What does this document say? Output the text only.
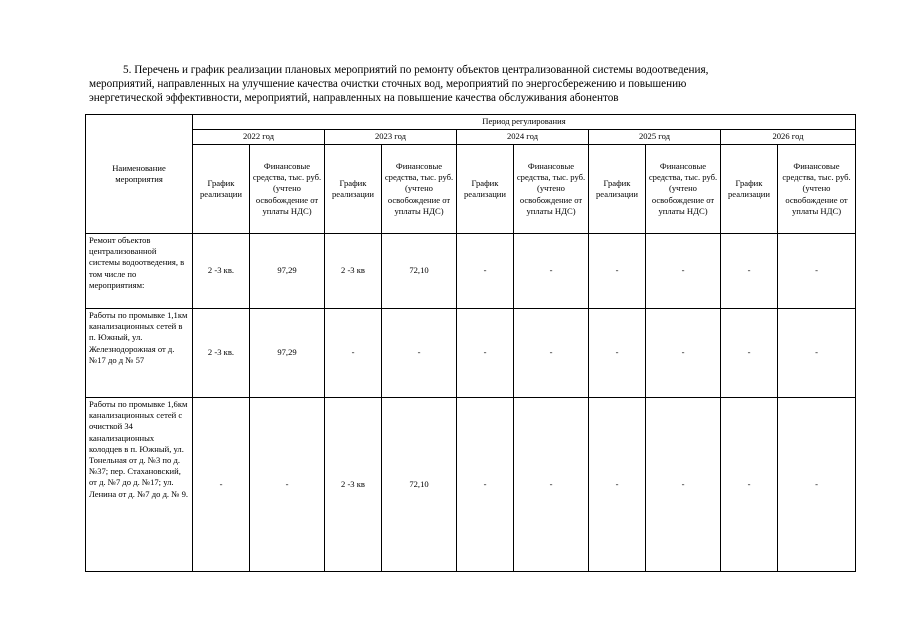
5. Перечень и график реализации плановых мероприятий по ремонту объектов централизованной системы водоотведения,
мероприятий, направленных на улучшение качества очистки сточных вод, мероприятий по энергосбережению и повышению
энергетической эффективности, мероприятий, направленных на повышение качества обслуживания абонентов
Наименование мероприятия	Период регулирования									
	2022 год		2023 год		2024 год		2025 год		2026 год	
	График реализации	Финансовые средства, тыс. руб. (учтено освобождение от уплаты НДС)	График реализации	Финансовые средства, тыс. руб. (учтено освобождение от уплаты НДС)	График реализации	Финансовые средства, тыс. руб. (учтено освобождение от уплаты НДС)	График реализации	Финансовые средства, тыс. руб. (учтено освобождение от уплаты НДС)	График реализации	Финансовые средства, тыс. руб. (учтено освобождение от уплаты НДС)
Ремонт объектов централизованной системы водоотведения, в том числе по мероприятиям:	2 -3 кв.	97,29	2 -3 кв	72,10	-	-	-	-	-	-
Работы по промывке 1,1км канализационных сетей в п. Южный, ул. Железнодорожная от д. №17 до д № 57	2 -3 кв.	97,29	-	-	-	-	-	-	-	-
Работы по промывке 1,6км канализационных сетей с очисткой 34 канализационных колодцев в п. Южный, ул. Тонельная от д. №3 по д. №37; пер. Стахановский, от д. №7 до д. №17; ул. Ленина от д. №7 до д. № 9.	-	-	2 -3 кв	72,10	-	-	-	-	-	-
